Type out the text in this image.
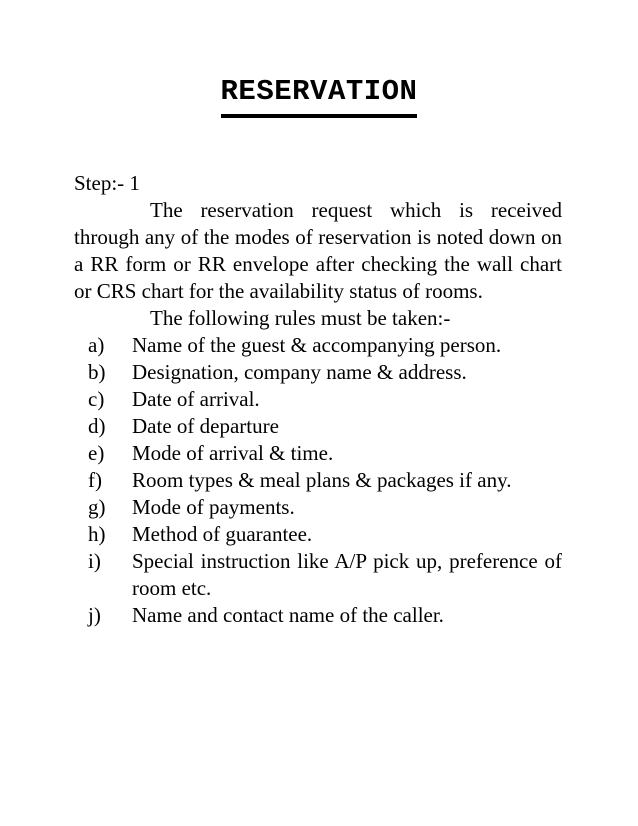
RESERVATION

Step:- 1

The reservation request which is received through any of the modes of reservation is noted down on a RR form or RR envelope after checking the wall chart or CRS chart for the availability status of rooms.

The following rules must be taken:-

a)	Name of the guest & accompanying person.
b)	Designation, company name & address.
c)	Date of arrival.
d)	Date of departure
e)	Mode of arrival & time.
f)	Room types & meal plans & packages if any.
g)	Mode of payments.
h)	Method of guarantee.
i)	Special instruction like A/P pick up, preference of room etc.
j)	Name and contact name of the caller.
